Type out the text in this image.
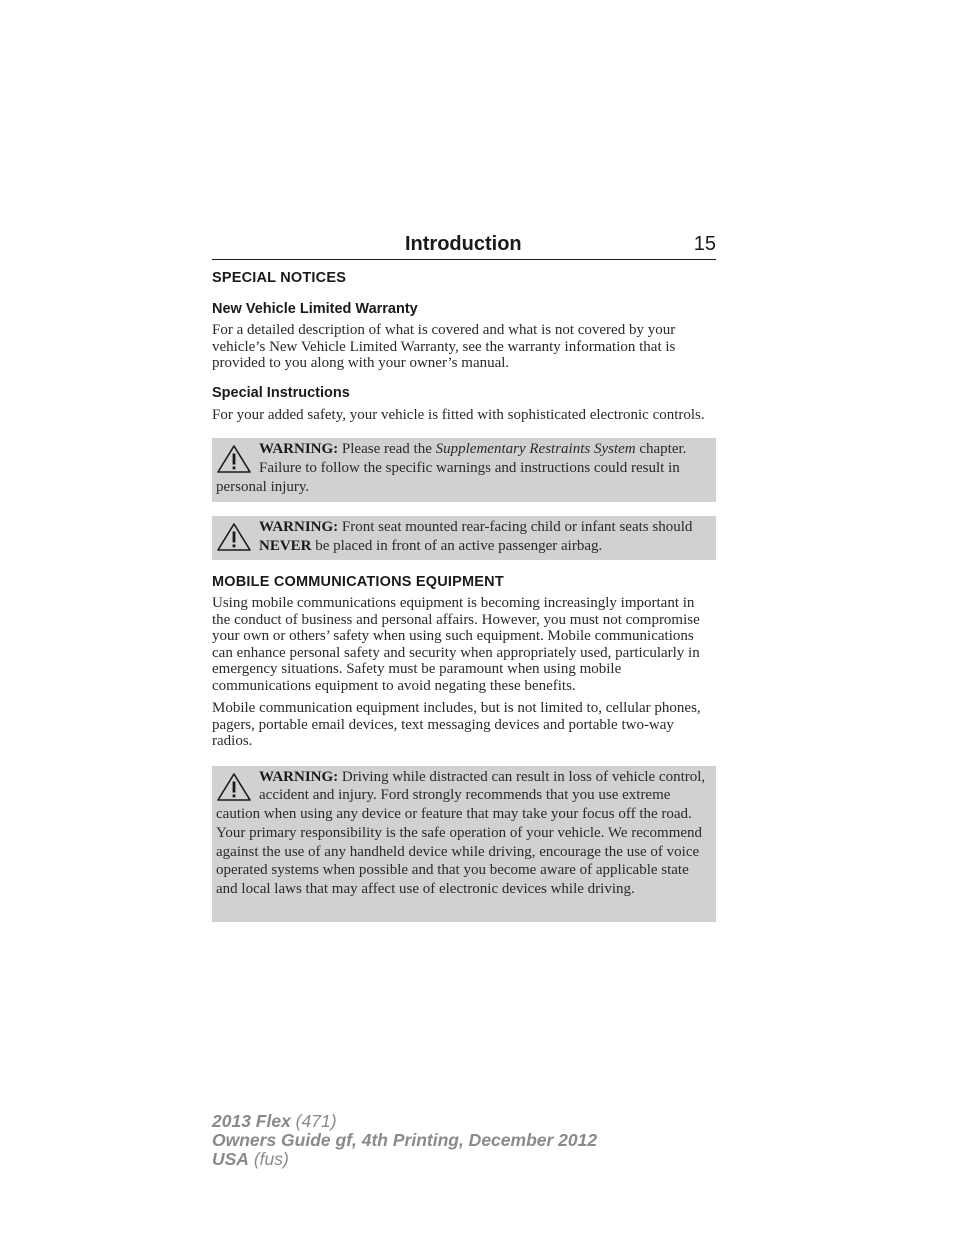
Introduction	15
SPECIAL NOTICES
New Vehicle Limited Warranty

For a detailed description of what is covered and what is not covered by your vehicle’s New Vehicle Limited Warranty, see the warranty information that is provided to you along with your owner’s manual.

Special Instructions

For your added safety, your vehicle is fitted with sophisticated electronic controls.

WARNING: Please read the Supplementary Restraints System chapter. Failure to follow the specific warnings and instructions could result in personal injury.
WARNING: Front seat mounted rear-facing child or infant seats should NEVER be placed in front of an active passenger airbag.
MOBILE COMMUNICATIONS EQUIPMENT

Using mobile communications equipment is becoming increasingly important in the conduct of business and personal affairs. However, you must not compromise your own or others’ safety when using such equipment. Mobile communications can enhance personal safety and security when appropriately used, particularly in emergency situations. Safety must be paramount when using mobile communications equipment to avoid negating these benefits.

Mobile communication equipment includes, but is not limited to, cellular phones, pagers, portable email devices, text messaging devices and portable two-way radios.

WARNING: Driving while distracted can result in loss of vehicle control, accident and injury. Ford strongly recommends that you use extreme caution when using any device or feature that may take your focus off the road. Your primary responsibility is the safe operation of your vehicle. We recommend against the use of any handheld device while driving, encourage the use of voice operated systems when possible and that you become aware of applicable state and local laws that may affect use of electronic devices while driving.
2013 Flex (471)
Owners Guide gf, 4th Printing, December 2012
USA (fus)
